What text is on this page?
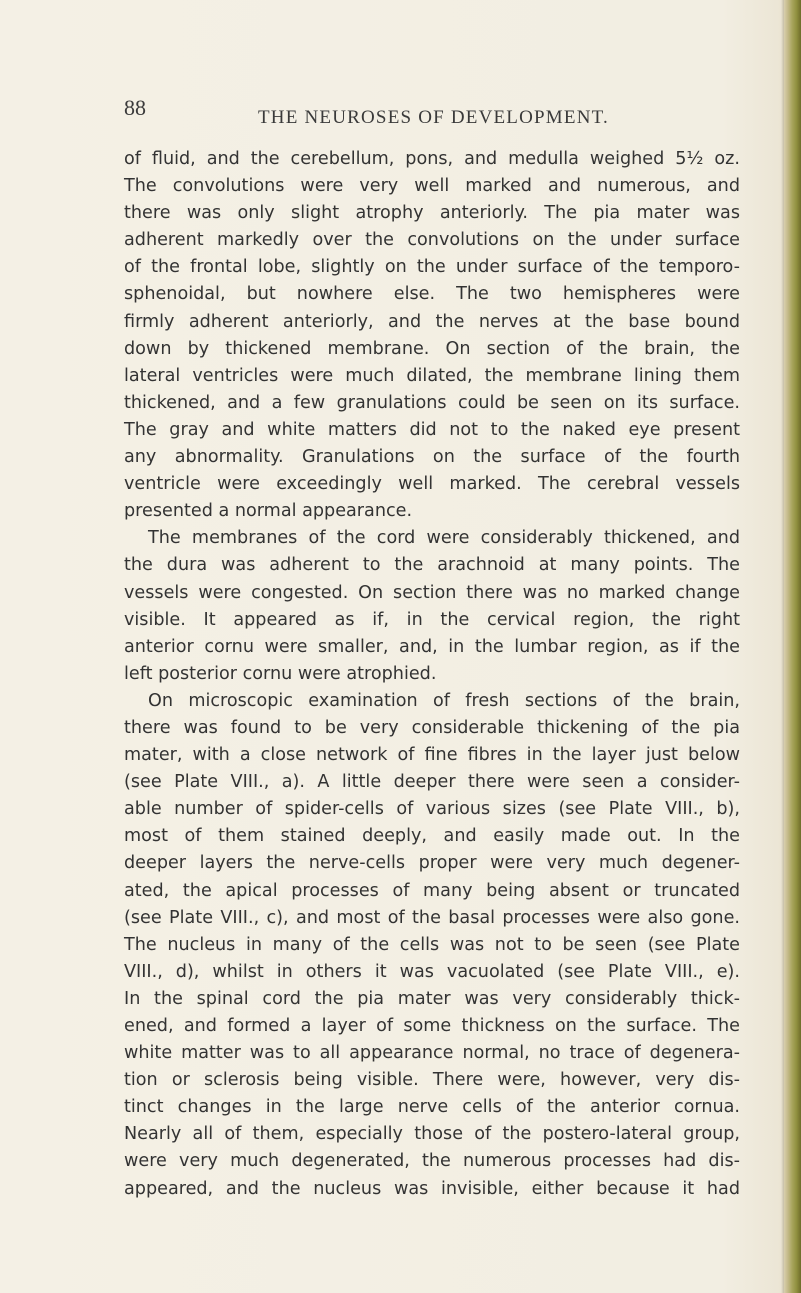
88	THE NEUROSES OF DEVELOPMENT.
of fluid, and the cerebellum, pons, and medulla weighed 5½ oz.
The convolutions were very well marked and numerous, and
there was only slight atrophy anteriorly. The pia mater was
adherent markedly over the convolutions on the under surface
of the frontal lobe, slightly on the under surface of the temporo-
sphenoidal, but nowhere else. The two hemispheres were
firmly adherent anteriorly, and the nerves at the base bound
down by thickened membrane. On section of the brain, the
lateral ventricles were much dilated, the membrane lining them
thickened, and a few granulations could be seen on its surface.
The gray and white matters did not to the naked eye present
any abnormality. Granulations on the surface of the fourth
ventricle were exceedingly well marked. The cerebral vessels
presented a normal appearance.
The membranes of the cord were considerably thickened, and
the dura was adherent to the arachnoid at many points. The
vessels were congested. On section there was no marked change
visible. It appeared as if, in the cervical region, the right
anterior cornu were smaller, and, in the lumbar region, as if the
left posterior cornu were atrophied.
On microscopic examination of fresh sections of the brain,
there was found to be very considerable thickening of the pia
mater, with a close network of fine fibres in the layer just below
(see Plate VIII., a). A little deeper there were seen a consider-
able number of spider-cells of various sizes (see Plate VIII., b),
most of them stained deeply, and easily made out. In the
deeper layers the nerve-cells proper were very much degener-
ated, the apical processes of many being absent or truncated
(see Plate VIII., c), and most of the basal processes were also gone.
The nucleus in many of the cells was not to be seen (see Plate
VIII., d), whilst in others it was vacuolated (see Plate VIII., e).
In the spinal cord the pia mater was very considerably thick-
ened, and formed a layer of some thickness on the surface. The
white matter was to all appearance normal, no trace of degenera-
tion or sclerosis being visible. There were, however, very dis-
tinct changes in the large nerve cells of the anterior cornua.
Nearly all of them, especially those of the postero-lateral group,
were very much degenerated, the numerous processes had dis-
appeared, and the nucleus was invisible, either because it had
